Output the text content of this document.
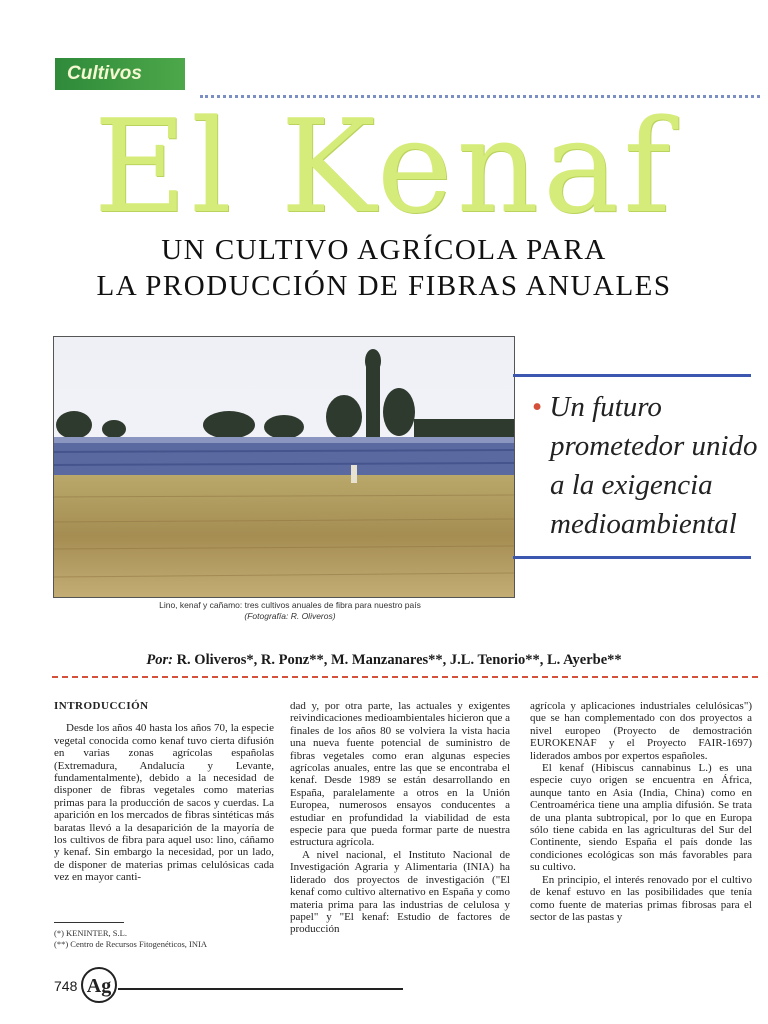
Cultivos
El Kenaf
UN CULTIVO AGRÍCOLA PARA
LA PRODUCCIÓN DE FIBRAS ANUALES
Lino, kenaf y cañamo: tres cultivos anuales de fibra para nuestro país
(Fotografía: R. Oliveros)
• Un futuro
prometedor unido
a la exigencia
medioambiental
Por: R. Oliveros*, R. Ponz**, M. Manzanares**, J.L. Tenorio**, L. Ayerbe**
INTRODUCCIÓN

Desde los años 40 hasta los años 70, la especie vegetal conocida como kenaf tuvo cierta difusión en varias zonas agrícolas españolas (Extremadura, Andalucía y Levante, fundamentalmente), debido a la necesidad de disponer de fibras vegetales como materias primas para la producción de sacos y cuerdas. La aparición en los mercados de fibras sintéticas más baratas llevó a la desaparición de la mayoría de los cultivos de fibra para aquel uso: lino, cáñamo y kenaf. Sin embargo la necesidad, por un lado, de disponer de materias primas celulósicas cada vez en mayor canti-

dad y, por otra parte, las actuales y exigentes reivindicaciones medioambientales hicieron que a finales de los años 80 se volviera la vista hacia una nueva fuente potencial de suministro de fibras vegetales como eran algunas especies agrícolas anuales, entre las que se encontraba el kenaf. Desde 1989 se están desarrollando en España, paralelamente a otros en la Unión Europea, numerosos ensayos conducentes a estudiar en profundidad la viabilidad de esta especie para que pueda formar parte de nuestra estructura agrícola.

A nivel nacional, el Instituto Nacional de Investigación Agraria y Alimentaria (INIA) ha liderado dos proyectos de investigación ("El kenaf como cultivo alternativo en España y como materia prima para las industrias de celulosa y papel" y "El kenaf: Estudio de factores de producción

agrícola y aplicaciones industriales celulósicas") que se han complementado con dos proyectos a nivel europeo (Proyecto de demostración EUROKENAF y el Proyecto FAIR-1697) liderados ambos por expertos españoles.

El kenaf (Hibiscus cannabinus L.) es una especie cuyo origen se encuentra en África, aunque tanto en Asia (India, China) como en Centroamérica tiene una amplia difusión. Se trata de una planta subtropical, por lo que en Europa sólo tiene cabida en las agriculturas del Sur del Continente, siendo España el país donde las condiciones ecológicas son más favorables para su cultivo.

En principio, el interés renovado por el cultivo de kenaf estuvo en las posibilidades que tenía como fuente de materias primas fibrosas para el sector de las pastas y

(*) KENINTER, S.L.
(**) Centro de Recursos Fitogenéticos, INIA
748 Ag
